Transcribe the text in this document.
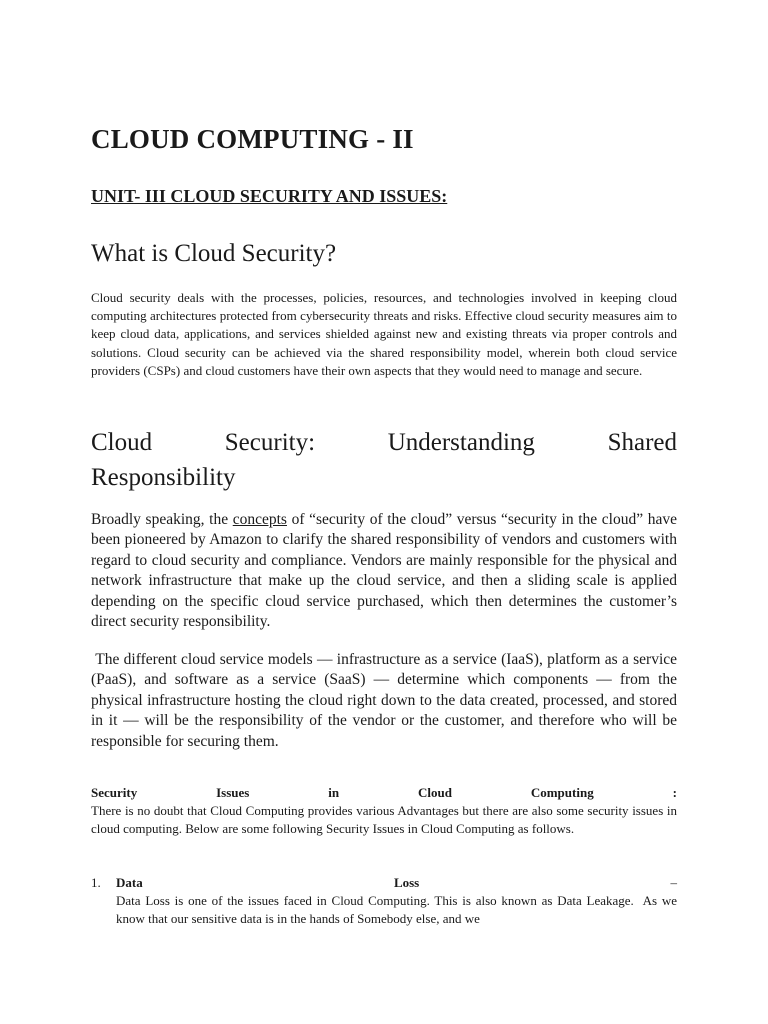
CLOUD COMPUTING - II
UNIT- III CLOUD SECURITY AND ISSUES:
What is Cloud Security?

Cloud security deals with the processes, policies, resources, and technologies involved in keeping cloud computing architectures protected from cybersecurity threats and risks. Effective cloud security measures aim to keep cloud data, applications, and services shielded against new and existing threats via proper controls and solutions. Cloud security can be achieved via the shared responsibility model, wherein both cloud service providers (CSPs) and cloud customers have their own aspects that they would need to manage and secure.

Cloud	Security:	Understanding	Shared
Responsibility

Broadly speaking, the concepts of “security of the cloud” versus “security in the cloud” have been pioneered by Amazon to clarify the shared responsibility of vendors and customers with regard to cloud security and compliance. Vendors are mainly responsible for the physical and network infrastructure that make up the cloud service, and then a sliding scale is applied depending on the specific cloud service purchased, which then determines the customer’s direct security responsibility.

The different cloud service models — infrastructure as a service (IaaS), platform as a service (PaaS), and software as a service (SaaS) — determine which components — from the physical infrastructure hosting the cloud right down to the data created, processed, and stored in it — will be the responsibility of the vendor or the customer, and therefore who will be responsible for securing them.

Security	Issues	in	Cloud	Computing	:

There is no doubt that Cloud Computing provides various Advantages but there are also some security issues in cloud computing. Below are some following Security Issues in Cloud Computing as follows.

1. Data	Loss	–

Data Loss is one of the issues faced in Cloud Computing. This is also known as Data Leakage.  As we know that our sensitive data is in the hands of Somebody else, and we
